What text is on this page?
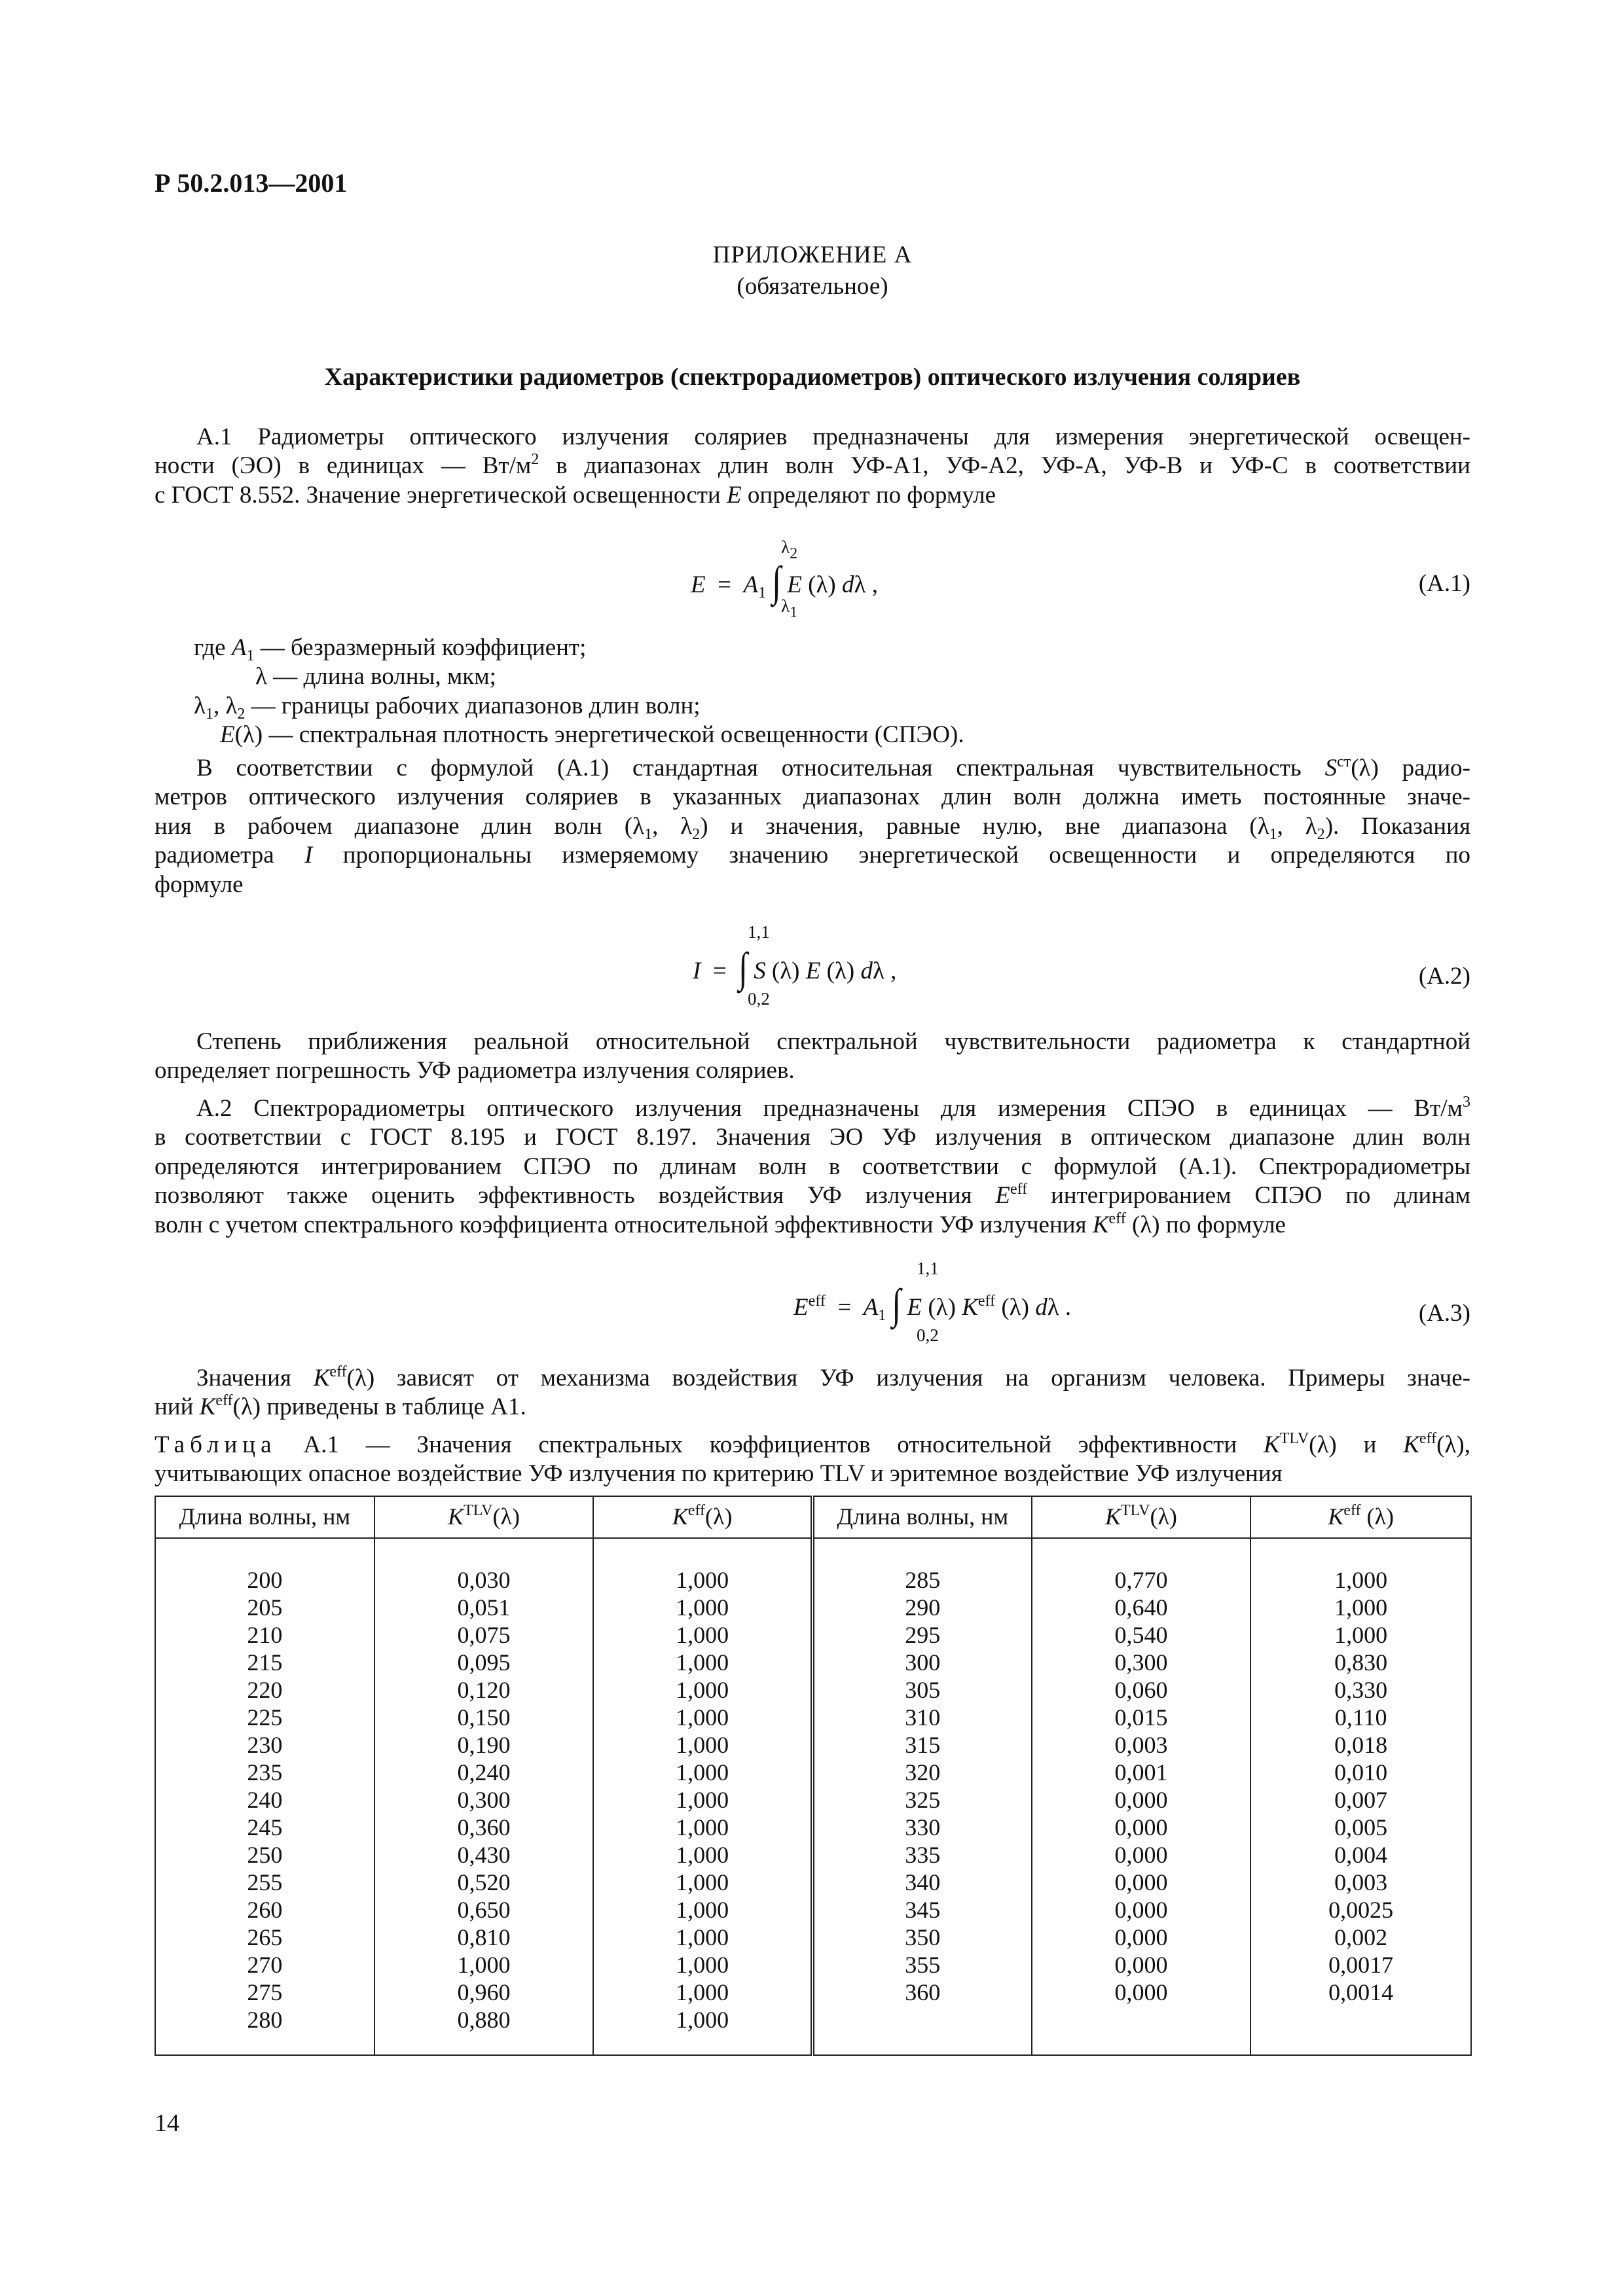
Р 50.2.013—2001
ПРИЛОЖЕНИЕ А
(обязательное)
Характеристики радиометров (спектрорадиометров) оптического излучения соляриев
А.1 Радиометры оптического излучения соляриев предназначены для измерения энергетической освещен-
ности (ЭО) в единицах — $Вт/м^2$ в диапазонах длин волн УФ-А1, УФ-А2, УФ-А, УФ-В и УФ-С в соответствии
с ГОСТ 8.552. Значение энергетической освещенности E определяют по формуле
$\lambda_2$
$E = A_1$ ∫ E (λ) dλ ,
$\lambda_1$
(А.1)
где $A_1$ — безразмерный коэффициент;
λ — длина волны, мкм;
$\lambda_1$, $\lambda_2$ — границы рабочих диапазонов длин волн;
E(λ) — спектральная плотность энергетической освещенности (СПЭО).
В соответствии с формулой (А.1) стандартная относительная спектральная чувствительность $S^{ст}(\lambda)$ радио-
метров оптического излучения соляриев в указанных диапазонах длин волн должна иметь постоянные значе-
ния в рабочем диапазоне длин волн ($\lambda_1$, $\lambda_2$) и значения, равные нулю, вне диапазона ($\lambda_1$, $\lambda_2$). Показания
радиометра I пропорциональны измеряемому значению энергетической освещенности и определяются по
формуле
1,1
I = ∫ S (λ) E (λ) dλ ,
0,2
(А.2)
Степень приближения реальной относительной спектральной чувствительности радиометра к стандартной
определяет погрешность УФ радиометра излучения соляриев.
А.2 Спектрорадиометры оптического излучения предназначены для измерения СПЭО в единицах — $Вт/м^3$
в соответствии с ГОСТ 8.195 и ГОСТ 8.197. Значения ЭО УФ излучения в оптическом диапазоне длин волн
определяются интегрированием СПЭО по длинам волн в соответствии с формулой (А.1). Спектрорадиометры
позволяют также оценить эффективность воздействия УФ излучения $E^{eff}$ интегрированием СПЭО по длинам
волн с учетом спектрального коэффициента относительной эффективности УФ излучения $K^{eff}$ (λ) по формуле
1,1
$E^{eff} = A_1$ ∫ E (λ) $K^{eff}$ (λ) dλ .
0,2
(А.3)
Значения $K^{eff}(\lambda)$ зависят от механизма воздействия УФ излучения на организм человека. Примеры значе-
ний $K^{eff}(\lambda)$ приведены в таблице А1.
Таблица А.1 — Значения спектральных коэффициентов относительной эффективности $K^{TLV}(\lambda)$ и $K^{eff}(\lambda)$,
учитывающих опасное воздействие УФ излучения по критерию TLV и эритемное воздействие УФ излучения
Длина волны, нм	$K^{TLV}(\lambda)$	$K^{eff}(\lambda)$	Длина волны, нм	$K^{TLV}(\lambda)$	$K^{eff}$ (λ)

200	0,030	1,000	285	0,770	1,000
205	0,051	1,000	290	0,640	1,000
210	0,075	1,000	295	0,540	1,000
215	0,095	1,000	300	0,300	0,830
220	0,120	1,000	305	0,060	0,330
225	0,150	1,000	310	0,015	0,110
230	0,190	1,000	315	0,003	0,018
235	0,240	1,000	320	0,001	0,010
240	0,300	1,000	325	0,000	0,007
245	0,360	1,000	330	0,000	0,005
250	0,430	1,000	335	0,000	0,004
255	0,520	1,000	340	0,000	0,003
260	0,650	1,000	345	0,000	0,0025
265	0,810	1,000	350	0,000	0,002
270	1,000	1,000	355	0,000	0,0017
275	0,960	1,000	360	0,000	0,0014
280	0,880	1,000			

14
